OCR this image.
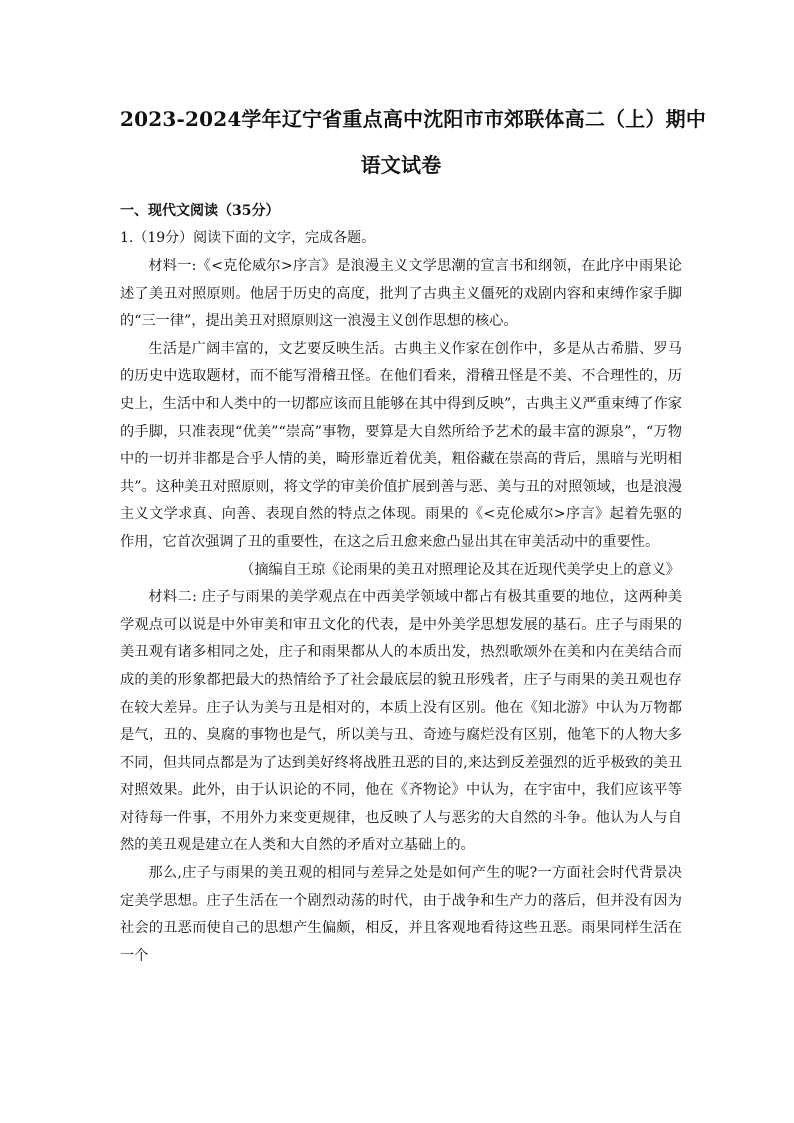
2023-2024学年辽宁省重点高中沈阳市市郊联体高二（上）期中
语文试卷
一、现代文阅读（35分）
1.（19分）阅读下面的文字，完成各题。

材料一:《<克伦威尔>序言》是浪漫主义文学思潮的宣言书和纲领，在此序中雨果论述了美丑对照原则。他居于历史的高度，批判了古典主义僵死的戏剧内容和束缚作家手脚的“三一律”，提出美丑对照原则这一浪漫主义创作思想的核心。

生活是广阔丰富的，文艺要反映生活。古典主义作家在创作中，多是从古希腊、罗马的历史中选取题材，而不能写滑稽丑怪。在他们看来，滑稽丑怪是不美、不合理性的，历史上，生活中和人类中的一切都应该而且能够在其中得到反映”，古典主义严重束缚了作家的手脚，只准表现“优美”“崇高”事物，要算是大自然所给予艺术的最丰富的源泉”，“万物中的一切并非都是合乎人情的美，畸形靠近着优美，粗俗藏在崇高的背后，黑暗与光明相共”。这种美丑对照原则，将文学的审美价值扩展到善与恶、美与丑的对照领域，也是浪漫主义文学求真、向善、表现自然的特点之体现。雨果的《<克伦威尔>序言》起着先驱的作用，它首次强调了丑的重要性，在这之后丑愈来愈凸显出其在审美活动中的重要性。

（摘编自王琼《论雨果的美丑对照理论及其在近现代美学史上的意义》

材料二: 庄子与雨果的美学观点在中西美学领域中都占有极其重要的地位，这两种美学观点可以说是中外审美和审丑文化的代表，是中外美学思想发展的基石。庄子与雨果的美丑观有诸多相同之处，庄子和雨果都从人的本质出发，热烈歌颂外在美和内在美结合而成的美的形象都把最大的热情给予了社会最底层的貌丑形残者，庄子与雨果的美丑观也存在较大差异。庄子认为美与丑是相对的，本质上没有区别。他在《知北游》中认为万物都是气，丑的、臭腐的事物也是气，所以美与丑、奇迹与腐烂没有区别，他笔下的人物大多不同，但共同点都是为了达到美好终将战胜丑恶的目的,来达到反差强烈的近乎极致的美丑对照效果。此外，由于认识论的不同，他在《齐物论》中认为，在宇宙中，我们应该平等对待每一件事，不用外力来变更规律，也反映了人与恶劣的大自然的斗争。他认为人与自然的美丑观是建立在人类和大自然的矛盾对立基础上的。

那么,庄子与雨果的美丑观的相同与差异之处是如何产生的呢?一方面社会时代背景决定美学思想。庄子生活在一个剧烈动荡的时代，由于战争和生产力的落后，但并没有因为社会的丑恶而使自己的思想产生偏颇，相反，并且客观地看待这些丑恶。雨果同样生活在一个
